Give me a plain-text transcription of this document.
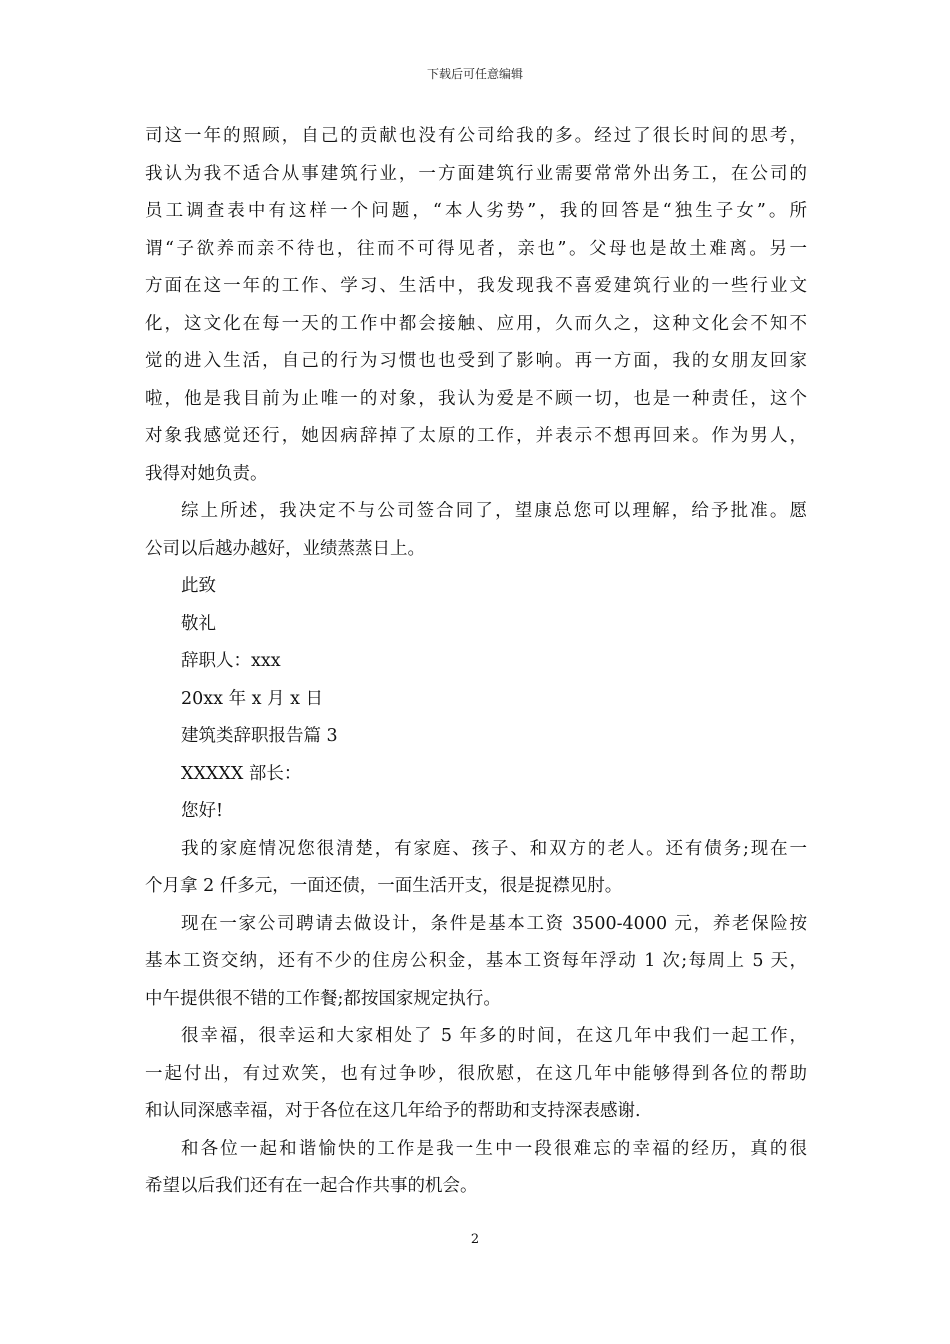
下载后可任意编辑
司这一年的照顾，自己的贡献也没有公司给我的多。经过了很长时间的思考，
我认为我不适合从事建筑行业，一方面建筑行业需要常常外出务工，在公司的
员工调查表中有这样一个问题，“本人劣势”，我的回答是“独生子女”。所
谓“子欲养而亲不待也，往而不可得见者，亲也”。父母也是故土难离。另一
方面在这一年的工作、学习、生活中，我发现我不喜爱建筑行业的一些行业文
化，这文化在每一天的工作中都会接触、应用，久而久之，这种文化会不知不
觉的进入生活，自己的行为习惯也也受到了影响。再一方面，我的女朋友回家
啦，他是我目前为止唯一的对象，我认为爱是不顾一切，也是一种责任，这个
对象我感觉还行，她因病辞掉了太原的工作，并表示不想再回来。作为男人，
我得对她负责。
综上所述，我决定不与公司签合同了，望康总您可以理解，给予批准。愿
公司以后越办越好，业绩蒸蒸日上。
此致
敬礼
辞职人：xxx
20xx 年 x 月 x 日
建筑类辞职报告篇 3
XXXXX 部长：
您好!
我的家庭情况您很清楚，有家庭、孩子、和双方的老人。还有债务;现在一
个月拿 2 仟多元，一面还债，一面生活开支，很是捉襟见肘。
现在一家公司聘请去做设计，条件是基本工资 3500-4000 元，养老保险按
基本工资交纳，还有不少的住房公积金，基本工资每年浮动 1 次;每周上 5 天，
中午提供很不错的工作餐;都按国家规定执行。
很幸福，很幸运和大家相处了 5 年多的时间，在这几年中我们一起工作，
一起付出，有过欢笑，也有过争吵，很欣慰，在这几年中能够得到各位的帮助
和认同深感幸福，对于各位在这几年给予的帮助和支持深表感谢.
和各位一起和谐愉快的工作是我一生中一段很难忘的幸福的经历，真的很
希望以后我们还有在一起合作共事的机会。
2
